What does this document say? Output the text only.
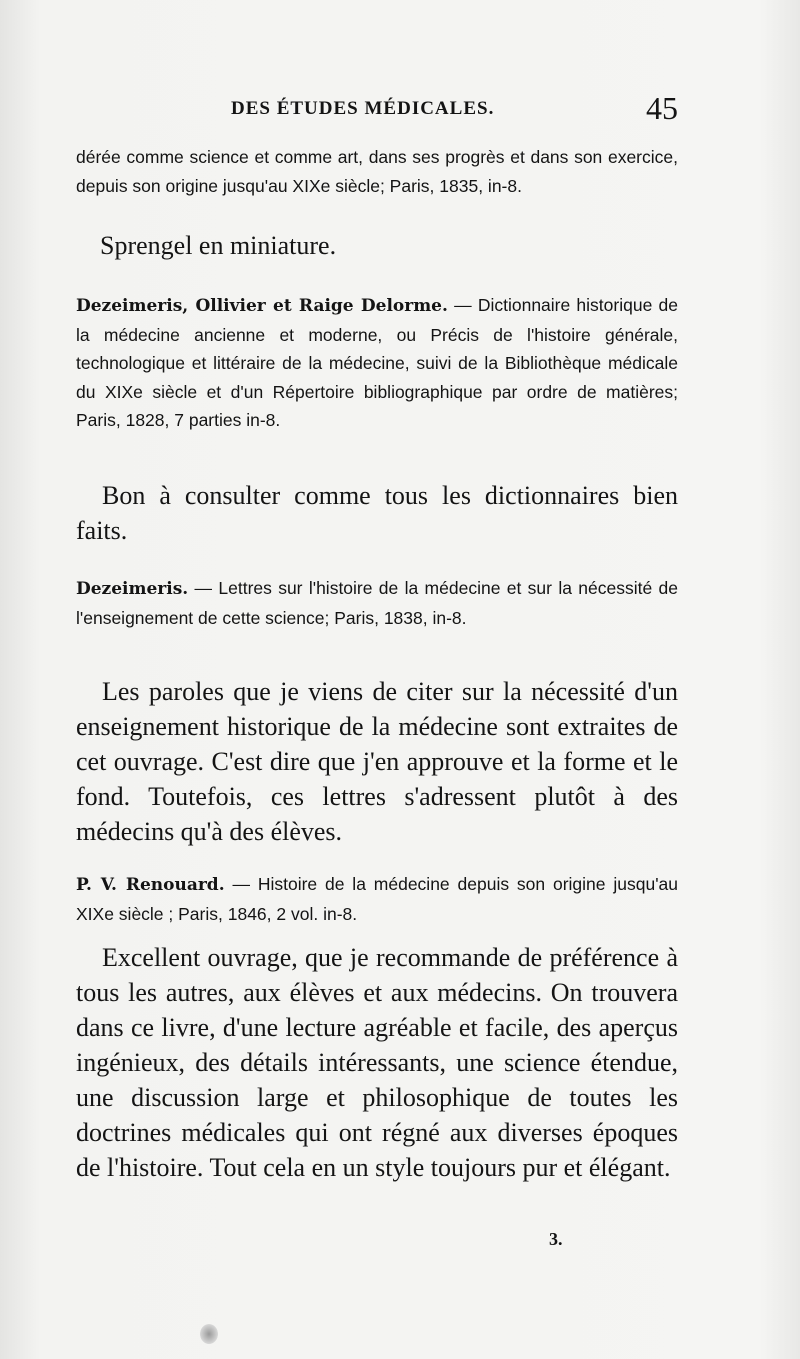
DES ÉTUDES MÉDICALES.	45

dérée comme science et comme art, dans ses progrès et dans son exercice, depuis son origine jusqu'au XIXe siècle; Paris, 1835, in-8.

Sprengel en miniature.

Dezeimeris, Ollivier et Raige Delorme. — Dictionnaire historique de la médecine ancienne et moderne, ou Précis de l'histoire générale, technologique et littéraire de la médecine, suivi de la Bibliothèque médicale du XIXe siècle et d'un Répertoire bibliographique par ordre de matières; Paris, 1828, 7 parties in-8.

Bon à consulter comme tous les dictionnaires bien faits.

Dezeimeris. — Lettres sur l'histoire de la médecine et sur la nécessité de l'enseignement de cette science; Paris, 1838, in-8.

Les paroles que je viens de citer sur la nécessité d'un enseignement historique de la médecine sont extraites de cet ouvrage. C'est dire que j'en approuve et la forme et le fond. Toutefois, ces lettres s'adressent plutôt à des médecins qu'à des élèves.

P. V. Renouard. — Histoire de la médecine depuis son origine jusqu'au XIXe siècle ; Paris, 1846, 2 vol. in-8.

Excellent ouvrage, que je recommande de préférence à tous les autres, aux élèves et aux médecins. On trouvera dans ce livre, d'une lecture agréable et facile, des aperçus ingénieux, des détails intéressants, une science étendue, une discussion large et philosophique de toutes les doctrines médicales qui ont régné aux diverses époques de l'histoire. Tout cela en un style toujours pur et élégant.

3.
